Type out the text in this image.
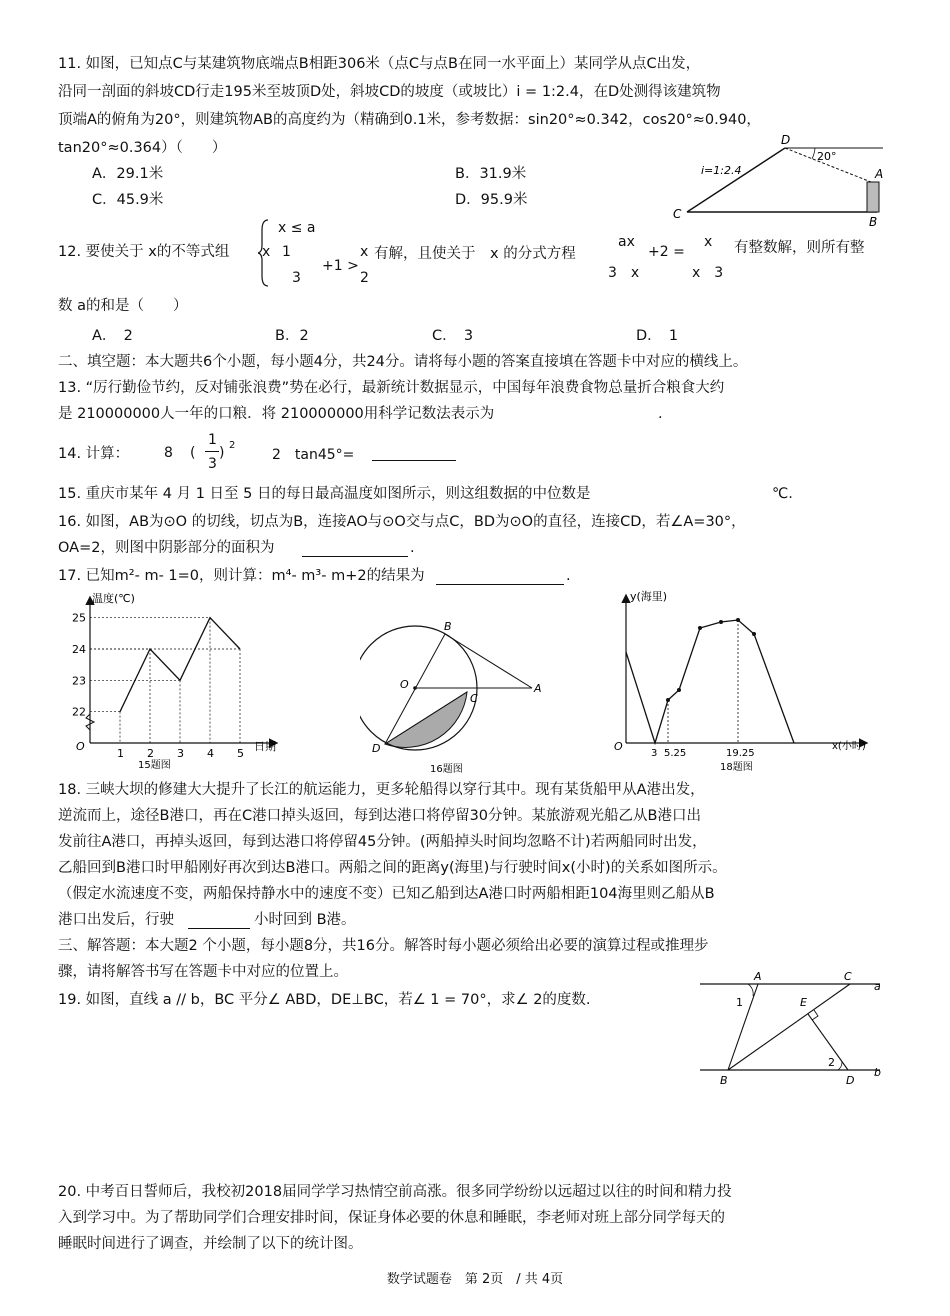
11. 如图，已知点C与某建筑物底端点B相距306米（点C与点B在同一水平面上）某同学从点C出发，
沿同一剖面的斜坡CD行走195米至坡顶D处，斜坡CD的坡度（或坡比）i = 1:2.4，在D处测得该建筑物
顶端A的俯角为20°，则建筑物AB的高度约为（精确到0.1米，参考数据：sin20°≈0.342，cos20°≈0.940，
tan20°≈0.364）（　　）
A．29.1米	B．31.9米
C．45.9米	D．95.9米
i=1:2.4
20°
C
D
A
B
12. 要使关于 x的不等式组
x ≤ a
x 1
3
+1 >
x
2
有解，且使关于　x 的分式方程
ax
3　x
+2 =
x
x　3
有整数解，则所有整
数 a的和是（　　）
A．　2	B．2	C．　3	D．　1
二、填空题：本大题共6个小题，每小题4分，共24分。请将每小题的答案直接填在答题卡中对应的横线上。
13. “厉行勤俭节约，反对铺张浪费”势在必行，最新统计数据显示，中国每年浪费食物总量折合粮食大约
是 210000000人一年的口粮．将 210000000用科学记数法表示为	.
14. 计算： 8 (
1
3
) 2
2　tan45°=
15. 重庆市某年 4 月 1 日至 5 日的每日最高温度如图所示，则这组数据的中位数是	℃.
16. 如图，AB为⊙O 的切线，切点为B，连接AO与⊙O交与点C，BD为⊙O的直径，连接CD，若∠A=30°，
OA=2，则图中阴影部分的面积为	.
17. 已知m²- m- 1=0，则计算：m⁴- m³- m+2的结果为	.
温度(℃)
日期
O
1 2 3 4 5
22
23
24
25
15题图
B
O
C
A
D
16题图
y(海里)
x(小时)
O
3 5.25	19.25
18题图
18. 三峡大坝的修建大大提升了长江的航运能力，更多轮船得以穿行其中。现有某货船甲从A港出发，
逆流而上，途径B港口，再在C港口掉头返回，每到达港口将停留30分钟。某旅游观光船乙从B港口出
发前往A港口，再掉头返回，每到达港口将停留45分钟。(两船掉头时间均忽略不计)若两船同时出发，
乙船回到B港口时甲船刚好再次到达B港口。两船之间的距离y(海里)与行驶时间x(小时)的关系如图所示。
（假定水流速度不变，两船保持静水中的速度不变）已知乙船到达A港口时两船相距104海里则乙船从B
港口出发后，行驶	小时回到 B港。
三、解答题：本大题2 个小题，每小题8分，共16分。解答时每小题必须给出必要的演算过程或推理步
骤，请将解答书写在答题卡中对应的位置上。
19. 如图，直线 a // b，BC 平分∠ ABD，DE⊥BC，若∠ 1 = 70°，求∠ 2的度数.
A	C
a
E
1
2
B	D
b
20. 中考百日誓师后，我校初2018届同学学习热情空前高涨。很多同学纷纷以远超过以往的时间和精力投
入到学习中。为了帮助同学们合理安排时间，保证身体必要的休息和睡眠，李老师对班上部分同学每天的
睡眠时间进行了调查，并绘制了以下的统计图。
数学试题卷　第 2页　/ 共 4页
